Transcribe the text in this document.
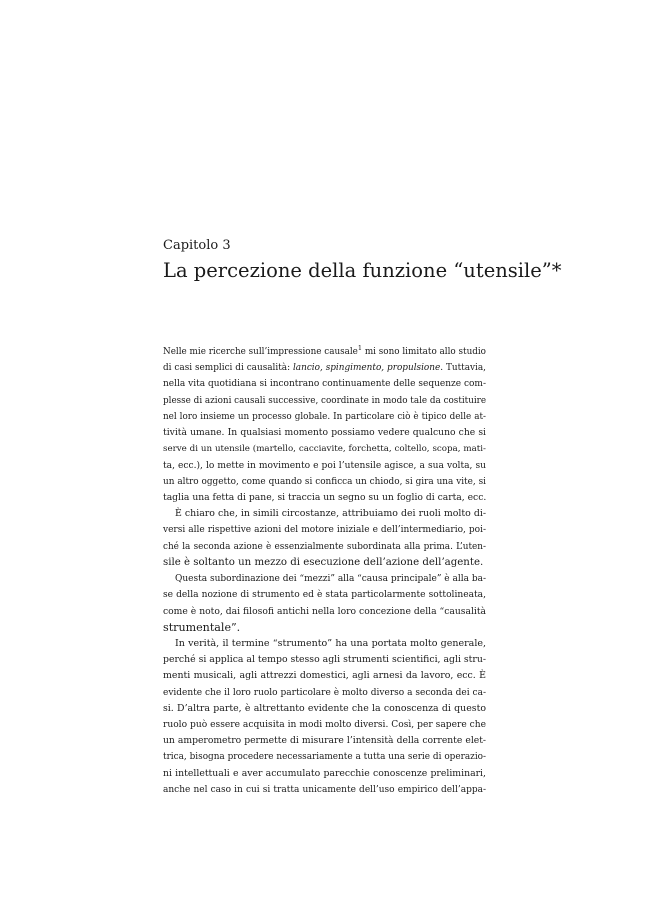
Capitolo 3

La percezione della funzione “utensile”*
Nelle mie ricerche sull’impressione causale$^1$ mi sono limitato allo studio
di casi semplici di causalità: lancio, spingimento, propulsione. Tuttavia,
nella vita quotidiana si incontrano continuamente delle sequenze com-
plesse di azioni causali successive, coordinate in modo tale da costituire
nel loro insieme un processo globale. In particolare ciò è tipico delle at-
tività umane. In qualsiasi momento possiamo vedere qualcuno che si
serve di un utensile (martello, cacciavite, forchetta, coltello, scopa, mati-
ta, ecc.), lo mette in movimento e poi l’utensile agisce, a sua volta, su
un altro oggetto, come quando si conficca un chiodo, si gira una vite, si
taglia una fetta di pane, si traccia un segno su un foglio di carta, ecc.
È chiaro che, in simili circostanze, attribuiamo dei ruoli molto di-
versi alle rispettive azioni del motore iniziale e dell’intermediario, poi-
ché la seconda azione è essenzialmente subordinata alla prima. L’uten-
sile è soltanto un mezzo di esecuzione dell’azione dell’agente.
Questa subordinazione dei “mezzi” alla “causa principale” è alla ba-
se della nozione di strumento ed è stata particolarmente sottolineata,
come è noto, dai filosofi antichi nella loro concezione della “causalità
strumentale”.
In verità, il termine “strumento” ha una portata molto generale,
perché si applica al tempo stesso agli strumenti scientifici, agli stru-
menti musicali, agli attrezzi domestici, agli arnesi da lavoro, ecc. È
evidente che il loro ruolo particolare è molto diverso a seconda dei ca-
si. D’altra parte, è altrettanto evidente che la conoscenza di questo
ruolo può essere acquisita in modi molto diversi. Così, per sapere che
un amperometro permette di misurare l’intensità della corrente elet-
trica, bisogna procedere necessariamente a tutta una serie di operazio-
ni intellettuali e aver accumulato parecchie conoscenze preliminari,
anche nel caso in cui si tratta unicamente dell’uso empirico dell’appa-
